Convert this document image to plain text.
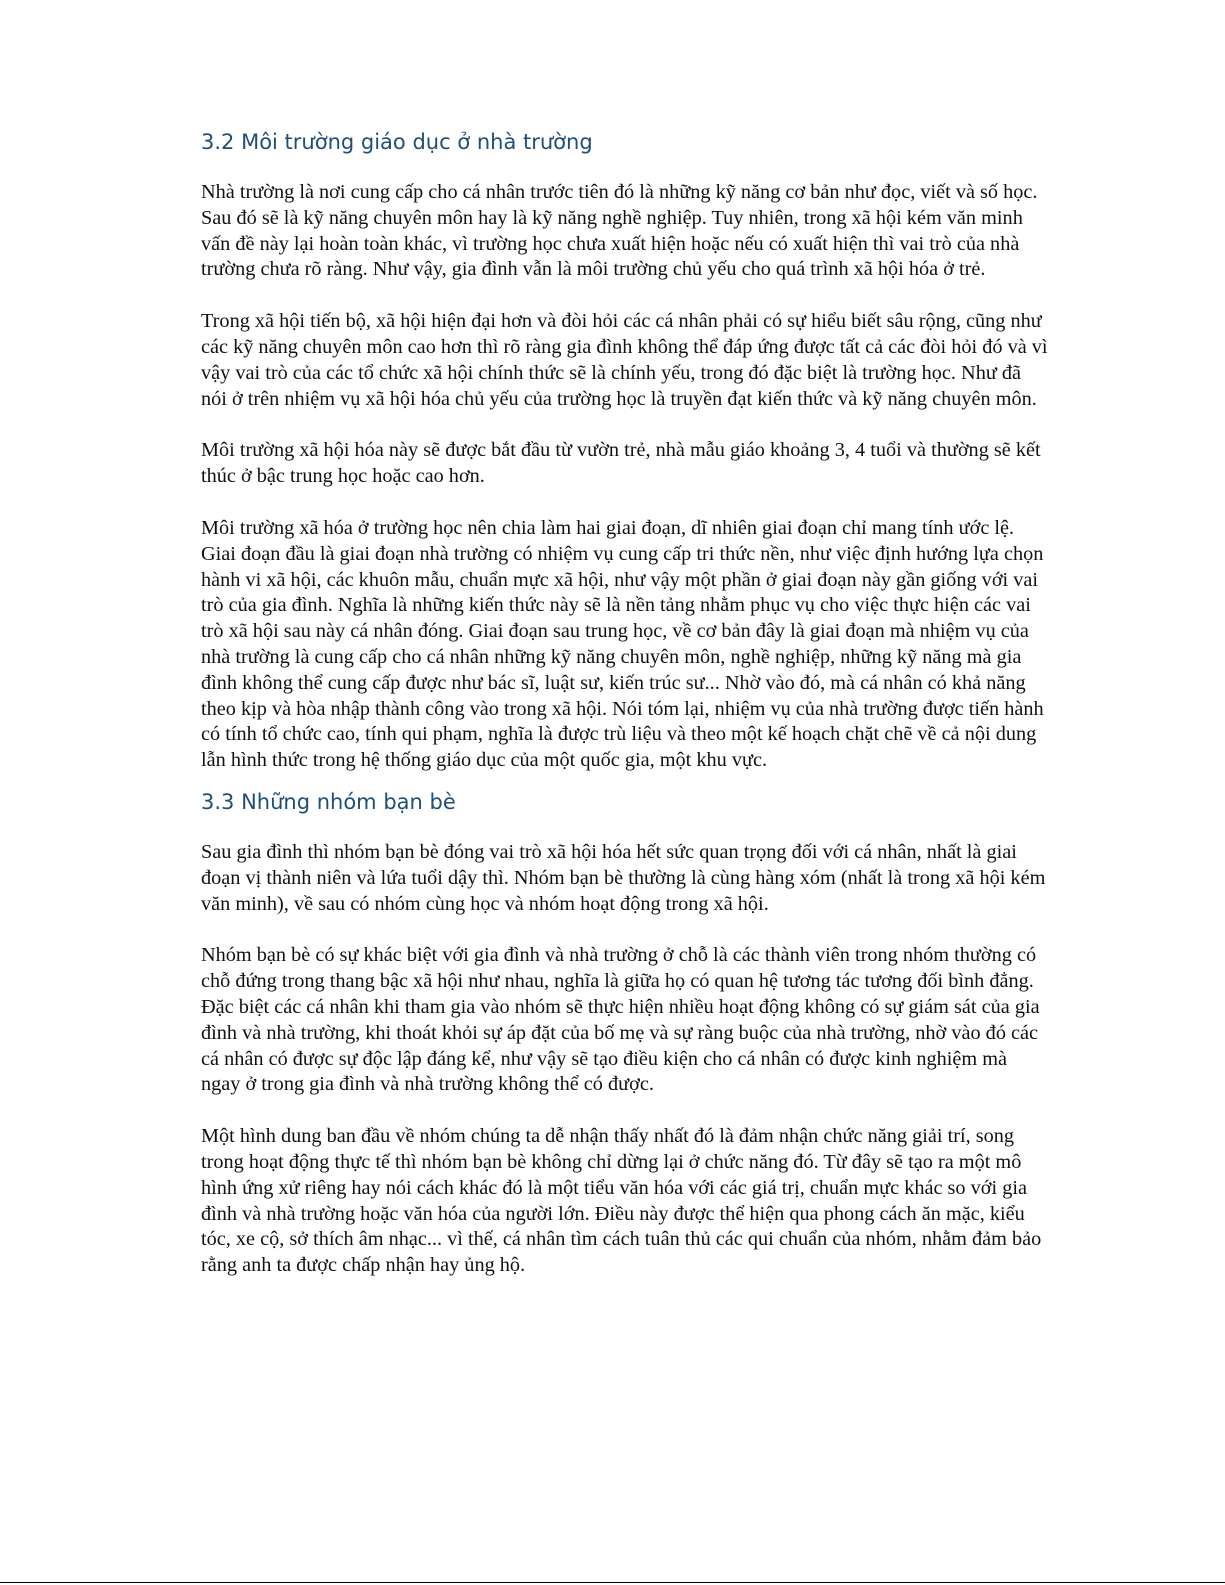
3.2 Môi trường giáo dục ở nhà trường

Nhà trường là nơi cung cấp cho cá nhân trước tiên đó là những kỹ năng cơ bản như đọc, viết và số học. Sau đó sẽ là kỹ năng chuyên môn hay là kỹ năng nghề nghiệp. Tuy nhiên, trong xã hội kém văn minh vấn đề này lại hoàn toàn khác, vì trường học chưa xuất hiện hoặc nếu có xuất hiện thì vai trò của nhà trường chưa rõ ràng. Như vậy, gia đình vẫn là môi trường chủ yếu cho quá trình xã hội hóa ở trẻ.

Trong xã hội tiến bộ, xã hội hiện đại hơn và đòi hỏi các cá nhân phải có sự hiểu biết sâu rộng, cũng như các kỹ năng chuyên môn cao hơn thì rõ ràng gia đình không thể đáp ứng được tất cả các đòi hỏi đó và vì vậy vai trò của các tổ chức xã hội chính thức sẽ là chính yếu, trong đó đặc biệt là trường học. Như đã nói ở trên nhiệm vụ xã hội hóa chủ yếu của trường học là truyền đạt kiến thức và kỹ năng chuyên môn.

Môi trường xã hội hóa này sẽ được bắt đầu từ vườn trẻ, nhà mẫu giáo khoảng 3, 4 tuổi và thường sẽ kết thúc ở bậc trung học hoặc cao hơn.

Môi trường xã hóa ở trường học nên chia làm hai giai đoạn, dĩ nhiên giai đoạn chỉ mang tính ước lệ. Giai đoạn đầu là giai đoạn nhà trường có nhiệm vụ cung cấp tri thức nền, như việc định hướng lựa chọn hành vi xã hội, các khuôn mẫu, chuẩn mực xã hội, như vậy một phần ở giai đoạn này gần giống với vai trò của gia đình. Nghĩa là những kiến thức này sẽ là nền tảng nhằm phục vụ cho việc thực hiện các vai trò xã hội sau này cá nhân đóng. Giai đoạn sau trung học, về cơ bản đây là giai đoạn mà nhiệm vụ của nhà trường là cung cấp cho cá nhân những kỹ năng chuyên môn, nghề nghiệp, những kỹ năng mà gia đình không thể cung cấp được như bác sĩ, luật sư, kiến trúc sư... Nhờ vào đó, mà cá nhân có khả năng theo kịp và hòa nhập thành công vào trong xã hội. Nói tóm lại, nhiệm vụ của nhà trường được tiến hành có tính tổ chức cao, tính qui phạm, nghĩa là được trù liệu và theo một kế hoạch chặt chẽ về cả nội dung lẫn hình thức trong hệ thống giáo dục của một quốc gia, một khu vực.

3.3 Những nhóm bạn bè

Sau gia đình thì nhóm bạn bè đóng vai trò xã hội hóa hết sức quan trọng đối với cá nhân, nhất là giai đoạn vị thành niên và lứa tuổi dậy thì. Nhóm bạn bè thường là cùng hàng xóm (nhất là trong xã hội kém văn minh), về sau có nhóm cùng học và nhóm hoạt động trong xã hội.

Nhóm bạn bè có sự khác biệt với gia đình và nhà trường ở chỗ là các thành viên trong nhóm thường có chỗ đứng trong thang bậc xã hội như nhau, nghĩa là giữa họ có quan hệ tương tác tương đối bình đẳng. Đặc biệt các cá nhân khi tham gia vào nhóm sẽ thực hiện nhiều hoạt động không có sự giám sát của gia đình và nhà trường, khi thoát khỏi sự áp đặt của bố mẹ và sự ràng buộc của nhà trường, nhờ vào đó các cá nhân có được sự độc lập đáng kể, như vậy sẽ tạo điều kiện cho cá nhân có được kinh nghiệm mà ngay ở trong gia đình và nhà trường không thể có được.

Một hình dung ban đầu về nhóm chúng ta dễ nhận thấy nhất đó là đảm nhận chức năng giải trí, song trong hoạt động thực tế thì nhóm bạn bè không chỉ dừng lại ở chức năng đó. Từ đây sẽ tạo ra một mô hình ứng xử riêng hay nói cách khác đó là một tiểu văn hóa với các giá trị, chuẩn mực khác so với gia đình và nhà trường hoặc văn hóa của người lớn. Điều này được thể hiện qua phong cách ăn mặc, kiểu tóc, xe cộ, sở thích âm nhạc... vì thế, cá nhân tìm cách tuân thủ các qui chuẩn của nhóm, nhằm đảm bảo rằng anh ta được chấp nhận hay ủng hộ.
